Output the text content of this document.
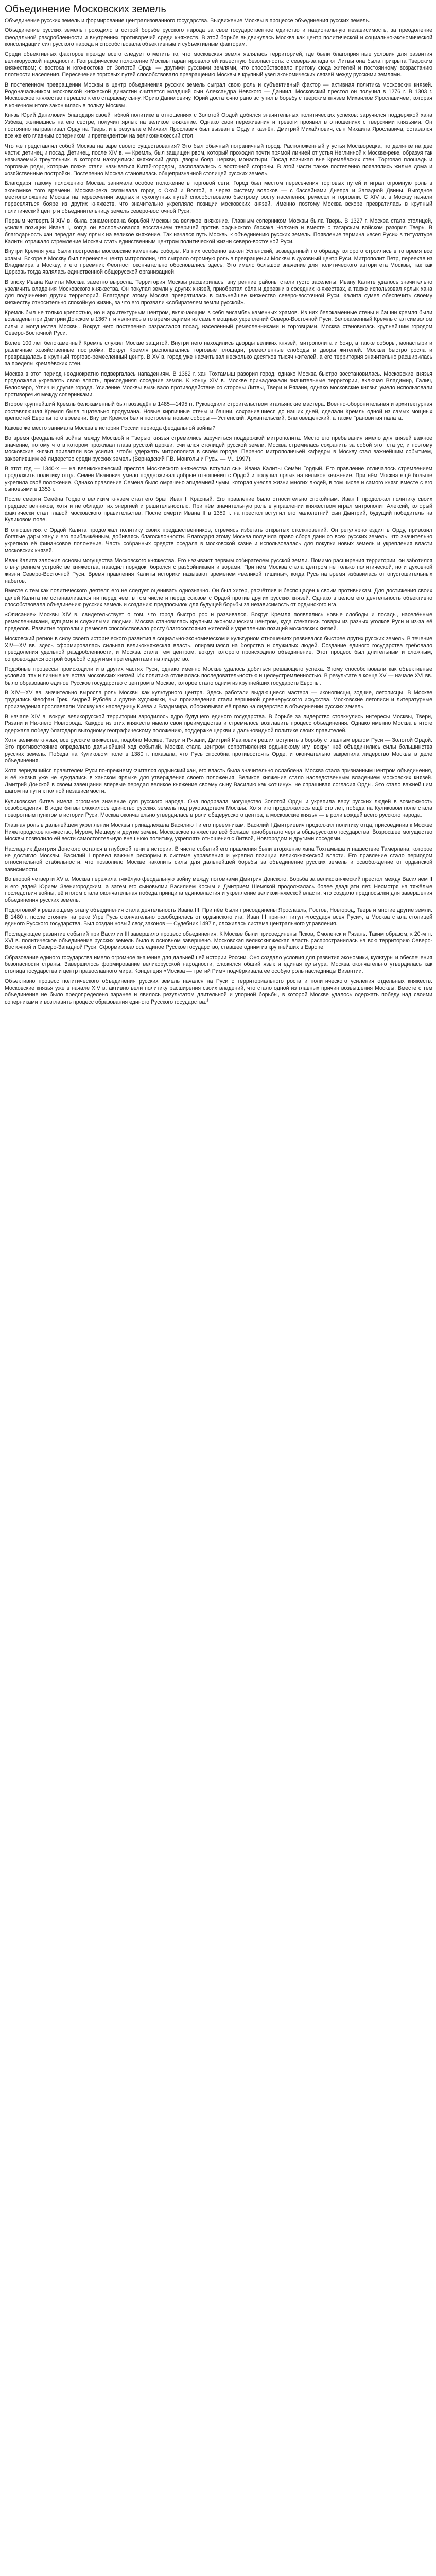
Объединение Московских земель

Объединение русских земель и формирование централизованного государства. Выдвижение Москвы в процессе объединения русских земель.

Объединение русских земель проходило в острой борьбе русского народа за свое государственное единство и национальную независимость, за преодоление феодальной раздробленности и внутренних противоречий среди княжеств. В этой борьбе выдвинулась Москва как центр политической и социально-экономической консолидации сил русского народа и способствовала объективным и субъективным факторам.

Среди объективных факторов прежде всего следует отметить то, что московская земля являлась территорией, где были благоприятные условия для развития великорусской народности. Географическое положение Москвы гарантировало ей известную безопасность: с севера-запада от Литвы она была прикрыта Тверским княжеством; с востока и юго-востока от Золотой Орды — другими русскими землями, что способствовало притоку сюда жителей и постоянному возрастанию плотности населения. Пересечение торговых путей способствовало превращению Москвы в крупный узел экономических связей между русскими землями.

В постепенном превращении Москвы в центр объединения русских земель сыграл свою роль и субъективный фактор — активная политика московских князей. Родоначальником московской княжеской династии считается младший сын Александра Невского — Даниил. Московский престол он получил в 1276 г. В 1303 г. Московское княжество перешло к его старшему сыну, Юрию Даниловичу. Юрий достаточно рано вступил в борьбу с тверским князем Михаилом Ярославичем, которая в конечном итоге закончилась в пользу Москвы.

Князь Юрий Данилович благодаря своей гибкой политике в отношениях с Золотой Ордой добился значительных политических успехов: заручился поддержкой хана Узбека, женившись на его сестре, получил ярлык на великое княжение. Однако свои переживания и тревоги проявил в отношениях с тверскими князьями. Он постоянно натравливал Орду на Тверь, и в результате Михаил Ярославич был вызван в Орду и казнён. Дмитрий Михайлович, сын Михаила Ярославича, оставался все же его главным соперником и претендентом на великокняжеский стол.

Что же представлял собой Москва на заре своего существования? Это был обычный пограничный город. Расположенный у устья Москворецка, по делянке на две части: детинец и посад. Детинец, после XIV в. — Кремль, был защищен рвом, который проходил почти прямой линией от устья Неглинной к Москве-реке, образуя так называемый треугольник, в котором находились: княжеский двор, дворы бояр, церкви, монастыри. Посад возникал вне Кремлёвских стен. Торговая площадь и торговые ряды, которые позже стали называться Китай-городом, располагались с восточной стороны. В этой части также постепенно появлялись жилые дома и хозяйственные постройки. Постепенно Москва становилась общепризнанной столицей русских земель.

Благодаря такому положению Москва занимала особое положение в торговой сети. Город был местом пересечения торговых путей и играл огромную роль в экономике того времени. Москва-река связывала город с Окой и Волгой, а через систему волоков — с бассейнами Днепра и Западной Двины. Выгодное местоположение Москвы на пересечении водных и сухопутных путей способствовало быстрому росту населения, ремесел и торговли. С XIV в. в Москву начали переселяться бояре из других княжеств, что значительно укрепляло позиции московских князей. Именно поэтому Москва вскоре превратилась в крупный политический центр и объединительницу земель северо-восточной Руси.

Первым четвертый XIV в. была ознаменована борьбой Москвы за великое княжение. Главным соперником Москвы была Тверь. В 1327 г. Москва стала столицей, усилив позиции Ивана I, когда он воспользовался восстанием тверичей против ордынского баскака Чолхана и вместе с татарским войском разорил Тверь. В благодарность хан передал ему ярлык на великое княжение. Так начался путь Москвы к объединению русских земель. Появление термина «всея Руси» в титулатуре Калиты отражало стремление Москвы стать единственным центром политической жизни северо-восточной Руси.

Внутри Кремля уже были построены московские каменные соборы. Из них особенно важен Успенский, возведенный по образцу которого строились в то время все храмы. Вскоре в Москву был перенесен центр митрополии, что сыграло огромную роль в превращении Москвы в духовный центр Руси. Митрополит Петр, переехав из Владимира в Москву, и его преемник Феогност окончательно обосновались здесь. Это имело большое значение для политического авторитета Москвы, так как Церковь тогда являлась единственной общерусской организацией.

В эпоху Ивана Калиты Москва заметно выросла. Территория Москвы расширилась, внутренние районы стали густо заселены. Ивану Калите удалось значительно увеличить владения Московского княжества. Он покупал земли у других князей, приобретал сёла и деревни в соседних княжествах, а также использовал ярлык хана для подчинения других территорий. Благодаря этому Москва превратилась в сильнейшее княжество северо-восточной Руси. Калита сумел обеспечить своему княжеству относительно спокойную жизнь, за что его прозвали «собирателем земли русской».

Кремль был не только крепостью, но и архитектурным центром, включающим в себя ансамбль каменных храмов. Из них белокаменные стены и башни кремля были возведены при Дмитрии Донском в 1367 г. и являлись в то время одними из самых мощных укреплений Северо-Восточной Руси. Белокаменный Кремль стал символом силы и могущества Москвы. Вокруг него постепенно разрастался посад, населённый ремесленниками и торговцами. Москва становилась крупнейшим городом Северо-Восточной Руси.

Более 100 лет белокаменный Кремль служил Москве защитой. Внутри него находились дворцы великих князей, митрополита и бояр, а также соборы, монастыри и различные хозяйственные постройки. Вокруг Кремля располагались торговые площади, ремесленные слободы и дворы жителей. Москва быстро росла и превращалась в крупный торгово-ремесленный центр. В XV в. город уже насчитывал несколько десятков тысяч жителей, а его территория значительно расширилась за пределы кремлёвских стен.

Москва в этот период неоднократно подвергалась нападениям. В 1382 г. хан Тохтамыш разорил город, однако Москва быстро восстановилась. Московские князья продолжали укреплять свою власть, присоединяя соседние земли. К концу XIV в. Москве принадлежали значительные территории, включая Владимир, Галич, Белоозеро, Углич и другие города. Усиление Москвы вызывало противодействие со стороны Литвы, Твери и Рязани, однако московские князья умело использовали противоречия между соперниками.

Второе крупнейший Кремль белокаменный был возведён в 1485—1495 гг. Руководили строительством итальянские мастера. Военно-оборонительная и архитектурная составляющая Кремля была тщательно продумана. Новые кирпичные стены и башни, сохранившиеся до наших дней, сделали Кремль одной из самых мощных крепостей Европы того времени. Внутри Кремля были построены новые соборы — Успенский, Архангельский, Благовещенский, а также Грановитая палата.

Каково же место занимала Москва в истории России периода феодальной войны?

Во время феодальной войны между Москвой и Тверью князья стремились заручиться поддержкой митрополита. Место его пребывания имело для князей важное значение, потому что в котором проживал глава русской церкви, считался столицей русской земли. Москва стремилась сохранить за собой этот статус, и поэтому московские князья прилагали все усилия, чтобы удержать митрополита в своём городе. Перенос митрополичьей кафедры в Москву стал важнейшим событием, закрепившим её лидерство среди русских земель (Вернадский Г.В. Монголы и Русь. — М., 1997).

В этот год — 1340-х — на великокняжеский престол Московского княжества вступил сын Ивана Калиты Семён Гордый. Его правление отличалось стремлением продолжить политику отца. Семён Иванович умело поддерживал добрые отношения с Ордой и получил ярлык на великое княжение. При нём Москва ещё больше укрепила своё положение. Однако правление Семёна было омрачено эпидемией чумы, которая унесла жизни многих людей, в том числе и самого князя вместе с его сыновьями в 1353 г.

После смерти Семёна Гордого великим князем стал его брат Иван II Красный. Его правление было относительно спокойным. Иван II продолжал политику своих предшественников, хотя и не обладал их энергией и решительностью. При нём значительную роль в управлении княжеством играл митрополит Алексий, который фактически стал главой московского правительства. После смерти Ивана II в 1359 г. на престол вступил его малолетний сын Дмитрий, будущий победитель на Куликовом поле.

В отношениях с Ордой Калита продолжал политику своих предшественников, стремясь избегать открытых столкновений. Он регулярно ездил в Орду, привозил богатые дары хану и его приближённым, добиваясь благосклонности. Благодаря этому Москва получила право сбора дани со всех русских земель, что значительно укрепило её финансовое положение. Часть собранных средств оседала в московской казне и использовалась для покупки новых земель и укрепления власти московских князей.

Иван Калита заложил основы могущества Московского княжества. Его называют первым собирателем русской земли. Помимо расширения территории, он заботился о внутреннем устройстве княжества, наводил порядок, боролся с разбойниками и ворами. При нём Москва стала центром не только политической, но и духовной жизни Северо-Восточной Руси. Время правления Калиты историки называют временем «великой тишины», когда Русь на время избавилась от опустошительных набегов.

Вместе с тем как политического деятеля его не следует оценивать однозначно. Он был хитер, расчётлив и беспощаден к своим противникам. Для достижения своих целей Калита не останавливался ни перед чем, в том числе и перед союзом с Ордой против других русских князей. Однако в целом его деятельность объективно способствовала объединению русских земель и созданию предпосылок для будущей борьбы за независимость от ордынского ига.

«Описание» Москвы XIV в. свидетельствует о том, что город быстро рос и развивался. Вокруг Кремля появлялись новые слободы и посады, населённые ремесленниками, купцами и служилыми людьми. Москва становилась крупным экономическим центром, куда стекались товары из разных уголков Руси и из-за её пределов. Развитие торговли и ремёсел способствовало росту благосостояния жителей и укреплению позиций московских князей.

Московский регион в силу своего исторического развития в социально-экономическом и культурном отношениях развивался быстрее других русских земель. В течение XIV—XV вв. здесь сформировалась сильная великокняжеская власть, опиравшаяся на боярство и служилых людей. Создание единого государства требовало преодоления удельной раздробленности, и Москва стала тем центром, вокруг которого происходило объединение. Этот процесс был длительным и сложным, сопровождался острой борьбой с другими претендентами на лидерство.

Подобные процессы происходили и в других частях Руси, однако именно Москве удалось добиться решающего успеха. Этому способствовали как объективные условия, так и личные качества московских князей. Их политика отличалась последовательностью и целеустремлённостью. В результате в конце XV — начале XVI вв. было образовано единое Русское государство с центром в Москве, которое стало одним из крупнейших государств Европы.

В XIV—XV вв. значительно выросла роль Москвы как культурного центра. Здесь работали выдающиеся мастера — иконописцы, зодчие, летописцы. В Москве трудились Феофан Грек, Андрей Рублёв и другие художники, чьи произведения стали вершиной древнерусского искусства. Московские летописи и литературные произведения прославляли Москву как наследницу Киева и Владимира, обосновывая её право на лидерство в объединении русских земель.

В начале XIV в. вокруг великорусской территории зародилось ядро будущего единого государства. В борьбе за лидерство столкнулись интересы Москвы, Твери, Рязани и Нижнего Новгорода. Каждое из этих княжеств имело свои преимущества и стремилось возглавить процесс объединения. Однако именно Москва в итоге одержала победу благодаря выгодному географическому положению, поддержке церкви и дальновидной политике своих правителей.

Хотя великие князья, все русские княжества, подобно Москве, Твери и Рязани, Дмитрий Иванович решил вступить в борьбу с главным врагом Руси — Золотой Ордой. Это противостояние определило дальнейший ход событий. Москва стала центром сопротивления ордынскому игу, вокруг неё объединились силы большинства русских земель. Победа на Куликовом поле в 1380 г. показала, что Русь способна противостоять Орде, и окончательно закрепила лидерство Москвы в деле объединения.

Хотя вернувшийся правителем Руси по-прежнему считался ордынский хан, его власть была значительно ослаблена. Москва стала признанным центром объединения, и её князья уже не нуждались в ханском ярлыке для утверждения своего положения. Великое княжение стало наследственным владением московских князей. Дмитрий Донской в своём завещании впервые передал великое княжение своему сыну Василию как «отчину», не спрашивая согласия Орды. Это стало важнейшим шагом на пути к полной независимости.

Куликовская битва имела огромное значение для русского народа. Она подорвала могущество Золотой Орды и укрепила веру русских людей в возможность освобождения. В ходе битвы сложилось единство русских земель под руководством Москвы. Хотя иго продолжалось ещё сто лет, победа на Куликовом поле стала поворотным пунктом в истории Руси. Москва окончательно утвердилась в роли общерусского центра, а московские князья — в роли вождей всего русского народа.

Главная роль в дальнейшем укреплении Москвы принадлежала Василию I и его преемникам. Василий I Дмитриевич продолжил политику отца, присоединив к Москве Нижегородское княжество, Муром, Мещеру и другие земли. Московское княжество всё больше приобретало черты общерусского государства. Возросшее могущество Москвы позволило ей вести самостоятельную внешнюю политику, укреплять отношения с Литвой, Новгородом и другими соседями.

Наследник Дмитрия Донского остался в глубокой тени в истории. В числе событий его правления были вторжение хана Тохтамыша и нашествие Тамерлана, которое не достигло Москвы. Василий I провёл важные реформы в системе управления и укрепил позиции великокняжеской власти. Его правление стало периодом относительной стабильности, что позволило Москве накопить силы для дальнейшей борьбы за объединение русских земель и освобождение от ордынской зависимости.

Во второй четверти XV в. Москва пережила тяжёлую феодальную войну между потомками Дмитрия Донского. Борьба за великокняжеский престол между Василием II и его дядей Юрием Звенигородским, а затем его сыновьями Василием Косым и Дмитрием Шемякой продолжалась более двадцати лет. Несмотря на тяжёлые последствия войны, её итогом стала окончательная победа принципа единовластия и укрепление великокняжеской власти, что создало предпосылки для завершения объединения русских земель.

Подготовкой к решающему этапу объединения стала деятельность Ивана III. При нём были присоединены Ярославль, Ростов, Новгород, Тверь и многие другие земли. В 1480 г. после стояния на реке Угре Русь окончательно освободилась от ордынского ига. Иван III принял титул «государя всея Руси», а Москва стала столицей единого Русского государства. Был создан новый свод законов — Судебник 1497 г., сложилась система центрального управления.

Последующее развитие событий при Василии III завершило процесс объединения. К Москве были присоединены Псков, Смоленск и Рязань. Таким образом, к 20-м гг. XVI в. политическое объединение русских земель было в основном завершено. Московская великокняжеская власть распространилась на всю территорию Северо-Восточной и Северо-Западной Руси. Сформировалось единое Русское государство, ставшее одним из крупнейших в Европе.

Образование единого государства имело огромное значение для дальнейшей истории России. Оно создало условия для развития экономики, культуры и обеспечения безопасности страны. Завершилось формирование великорусской народности, сложился общий язык и единая культура. Москва окончательно утвердилась как столица государства и центр православного мира. Концепция «Москва — третий Рим» подчёркивала её особую роль наследницы Византии.

Объективно процесс политического объединения русских земель начался на Руси с территориального роста и политического усиления отдельных княжеств. Московские князья уже в начале XIV в. активно вели политику расширения своих владений, что стало одной из главных причин возвышения Москвы. Вместе с тем объединение не было предопределено заранее и явилось результатом длительной и упорной борьбы, в которой Москве удалось одержать победу над своими соперниками и возглавить процесс образования единого Русского государства.$^1$
